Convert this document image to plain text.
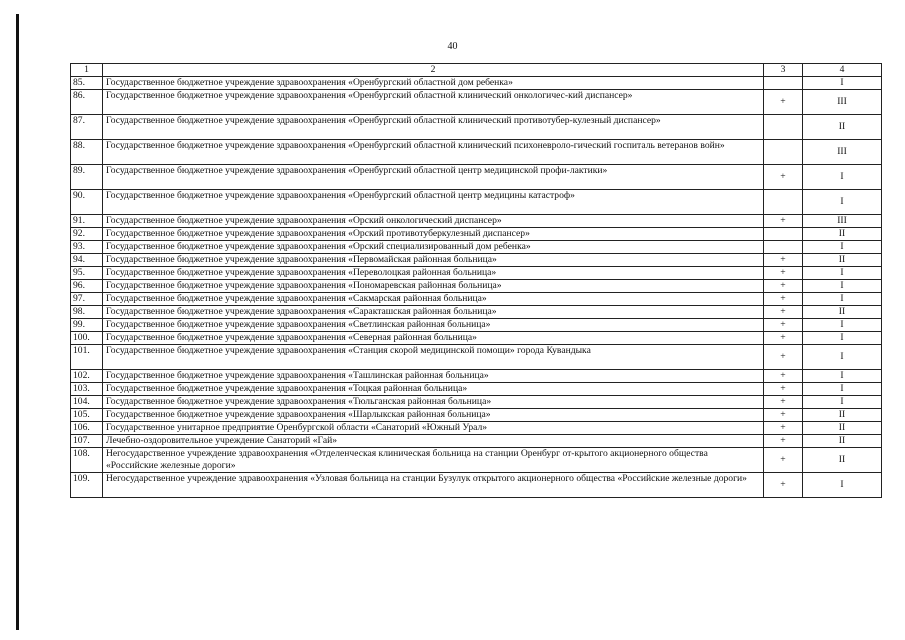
40
1	2	3	4
85.	Государственное бюджетное учреждение здравоохранения «Оренбургский областной дом ребенка»		I
86.	Государственное бюджетное учреждение здравоохранения «Оренбургский областной клинический онкологичес-кий диспансер»	+	III
87.	Государственное бюджетное учреждение здравоохранения «Оренбургский областной клинический противотубер-кулезный диспансер»		II
88.	Государственное бюджетное учреждение здравоохранения «Оренбургский областной клинический психоневроло-гический госпиталь ветеранов войн»		III
89.	Государственное бюджетное учреждение здравоохранения «Оренбургский областной центр медицинской профи-лактики»	+	I
90.	Государственное бюджетное учреждение здравоохранения «Оренбургский областной центр медицины катастроф»		I
91.	Государственное бюджетное учреждение здравоохранения «Орский онкологический диспансер»	+	III
92.	Государственное бюджетное учреждение здравоохранения «Орский противотуберкулезный диспансер»		II
93.	Государственное бюджетное учреждение здравоохранения «Орский специализированный дом ребенка»		I
94.	Государственное бюджетное учреждение здравоохранения «Первомайская районная больница»	+	II
95.	Государственное бюджетное учреждение здравоохранения «Переволоцкая районная больница»	+	I
96.	Государственное бюджетное учреждение здравоохранения «Пономаревская районная больница»	+	I
97.	Государственное бюджетное учреждение здравоохранения «Сакмарская районная больница»	+	I
98.	Государственное бюджетное учреждение здравоохранения «Саракташская районная больница»	+	II
99.	Государственное бюджетное учреждение здравоохранения «Светлинская районная больница»	+	I
100.	Государственное бюджетное учреждение здравоохранения «Северная районная больница»	+	I
101.	Государственное бюджетное учреждение здравоохранения «Станция скорой медицинской помощи» города Кувандыка	+	I
102.	Государственное бюджетное учреждение здравоохранения «Ташлинская районная больница»	+	I
103.	Государственное бюджетное учреждение здравоохранения «Тоцкая районная больница»	+	I
104.	Государственное бюджетное учреждение здравоохранения «Тюльганская районная больница»	+	I
105.	Государственное бюджетное учреждение здравоохранения «Шарлыкская районная больница»	+	II
106.	Государственное унитарное предприятие Оренбургской области «Санаторий «Южный Урал»	+	II
107.	Лечебно-оздоровительное учреждение Санаторий «Гай»	+	II
108.	Негосударственное учреждение здравоохранения «Отделенческая клиническая больница на станции Оренбург от-крытого акционерного общества «Российские железные дороги»	+	II
109.	Негосударственное учреждение здравоохранения «Узловая больница на станции Бузулук открытого акционерного общества «Российские железные дороги»	+	I
